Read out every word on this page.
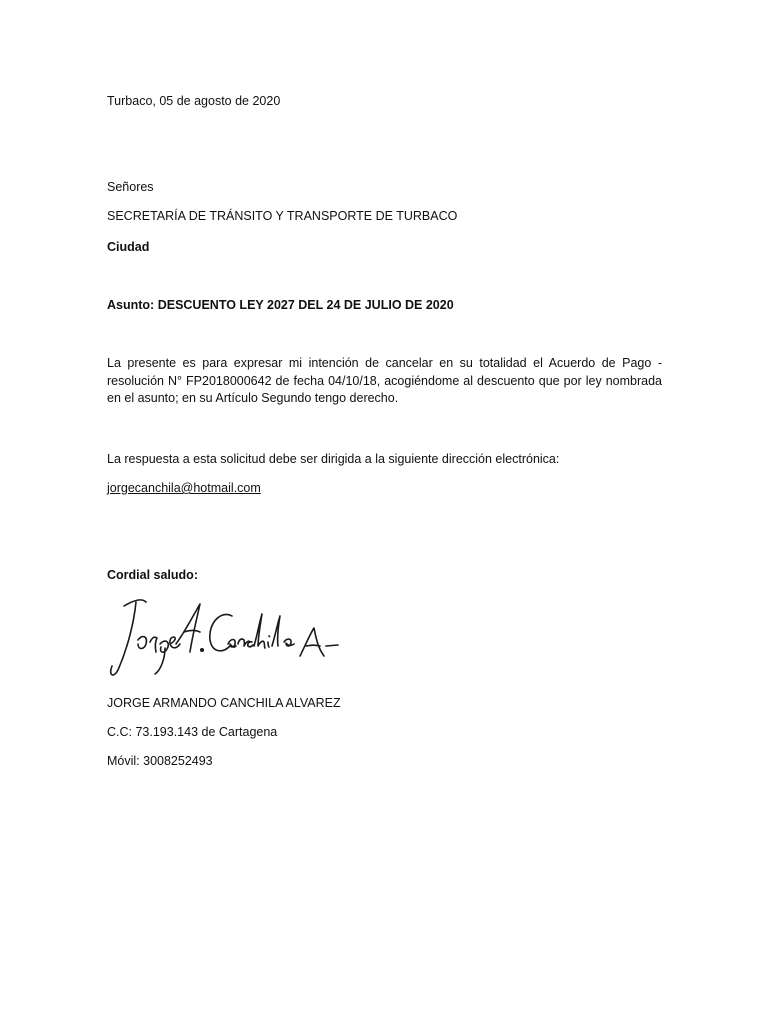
Turbaco, 05 de agosto de 2020
Señores
SECRETARÍA DE TRÁNSITO Y TRANSPORTE DE TURBACO
Ciudad
Asunto: DESCUENTO LEY 2027 DEL 24 DE JULIO DE 2020
La presente es para expresar mi intención de cancelar en su totalidad el Acuerdo de Pago - resolución N° FP2018000642 de fecha 04/10/18, acogiéndome al descuento que por ley nombrada en el asunto; en su Artículo Segundo tengo derecho.
La respuesta a esta solicitud debe ser dirigida a la siguiente dirección electrónica:
jorgecanchila@hotmail.com
Cordial saludo:
JORGE ARMANDO CANCHILA ALVAREZ
C.C: 73.193.143 de Cartagena
Móvil: 3008252493
